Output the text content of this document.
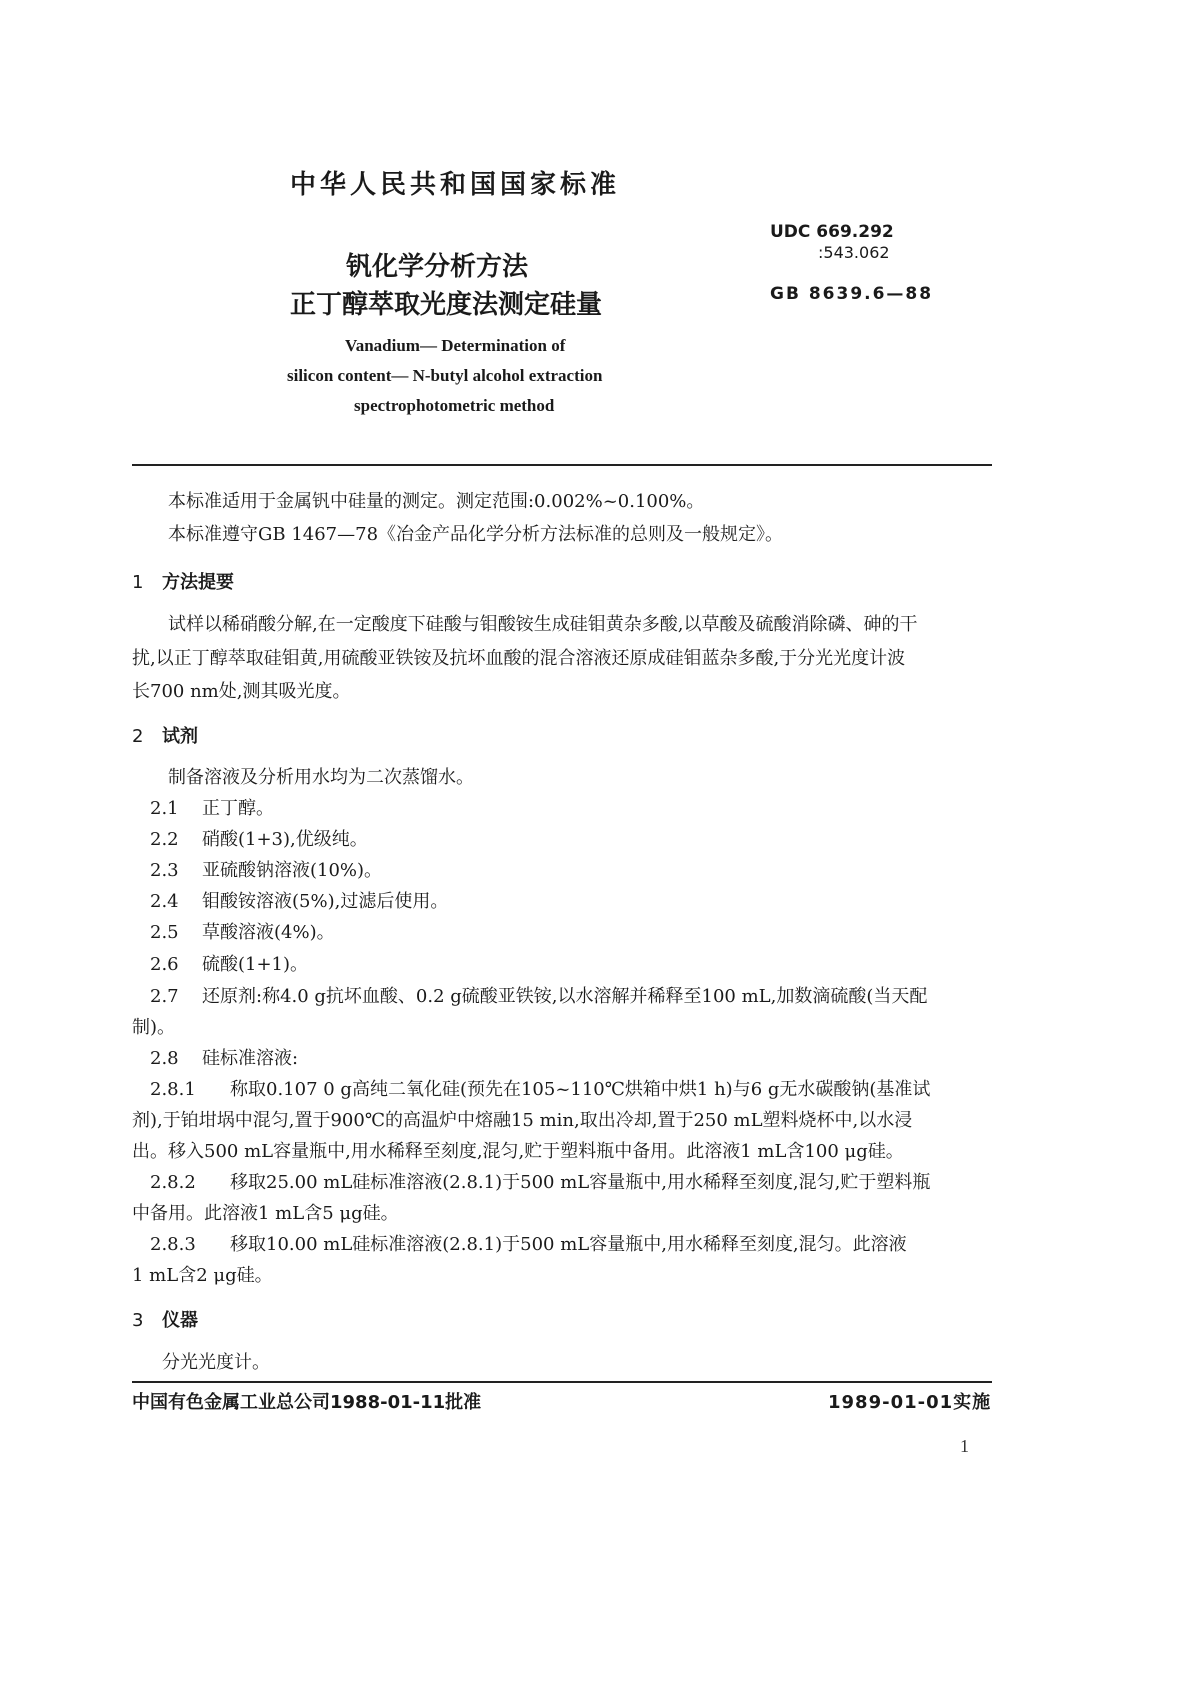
中华人民共和国国家标准
UDC 669.292
:543.062
钒化学分析方法
正丁醇萃取光度法测定硅量	GB 8639.6—88
Vanadium— Determination of
silicon content— N-butyl alcohol extraction
spectrophotometric method
本标准适用于金属钒中硅量的测定。测定范围:0.002%~0.100%。
本标准遵守GB 1467—78《冶金产品化学分析方法标准的总则及一般规定》。
1 方法提要
试样以稀硝酸分解,在一定酸度下硅酸与钼酸铵生成硅钼黄杂多酸,以草酸及硫酸消除磷、砷的干
扰,以正丁醇萃取硅钼黄,用硫酸亚铁铵及抗坏血酸的混合溶液还原成硅钼蓝杂多酸,于分光光度计波
长700 nm处,测其吸光度。
2 试剂
制备溶液及分析用水均为二次蒸馏水。
2.1 正丁醇。
2.2 硝酸(1+3),优级纯。
2.3 亚硫酸钠溶液(10%)。
2.4 钼酸铵溶液(5%),过滤后使用。
2.5 草酸溶液(4%)。
2.6 硫酸(1+1)。
2.7 还原剂:称4.0 g抗坏血酸、0.2 g硫酸亚铁铵,以水溶解并稀释至100 mL,加数滴硫酸(当天配
制)。
2.8 硅标准溶液:
2.8.1 称取0.107 0 g高纯二氧化硅(预先在105~110℃烘箱中烘1 h)与6 g无水碳酸钠(基准试
剂),于铂坩埚中混匀,置于900℃的高温炉中熔融15 min,取出冷却,置于250 mL塑料烧杯中,以水浸
出。移入500 mL容量瓶中,用水稀释至刻度,混匀,贮于塑料瓶中备用。此溶液1 mL含100 μg硅。
2.8.2 移取25.00 mL硅标准溶液(2.8.1)于500 mL容量瓶中,用水稀释至刻度,混匀,贮于塑料瓶
中备用。此溶液1 mL含5 μg硅。
2.8.3 移取10.00 mL硅标准溶液(2.8.1)于500 mL容量瓶中,用水稀释至刻度,混匀。此溶液
1 mL含2 μg硅。
3 仪器
分光光度计。
中国有色金属工业总公司1988-01-11批准	1989-01-01实施
1
